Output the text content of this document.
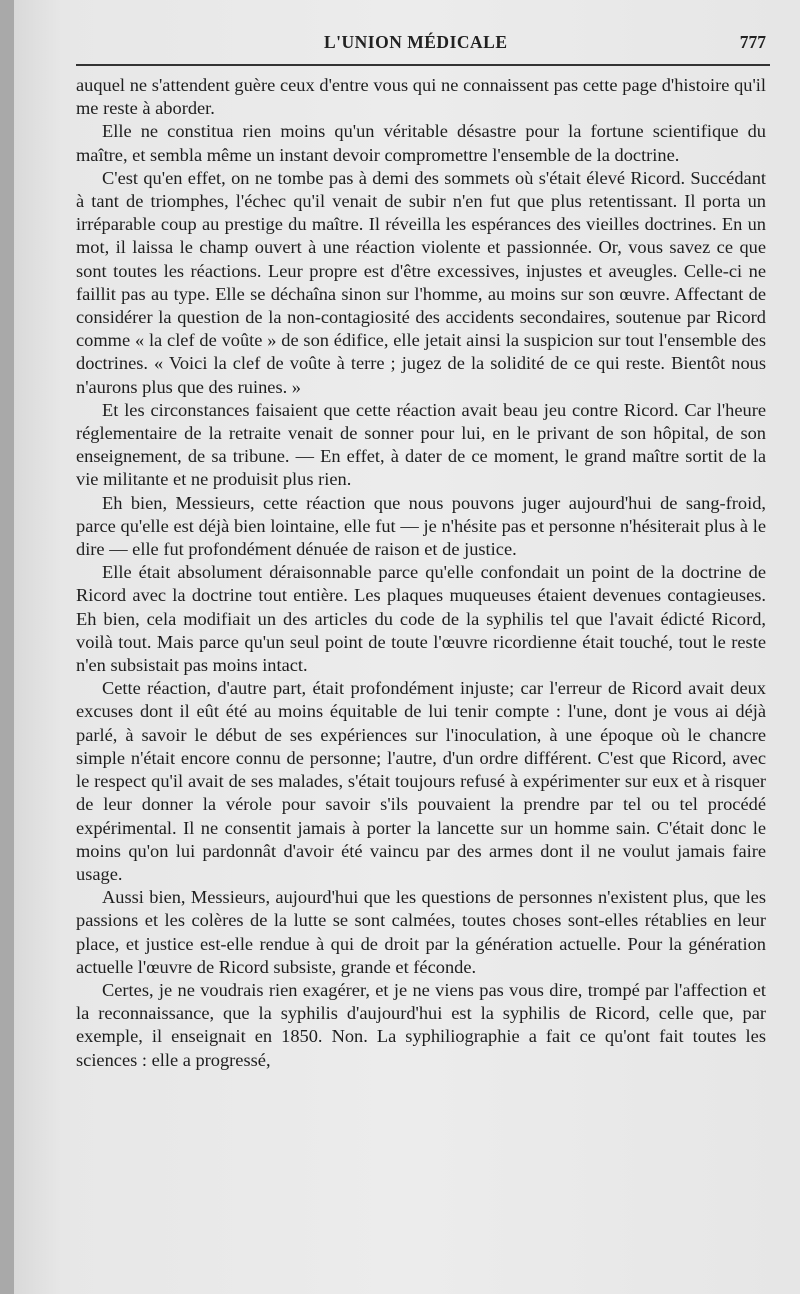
L'UNION MÉDICALE	777

auquel ne s'attendent guère ceux d'entre vous qui ne connaissent pas cette page d'histoire qu'il me reste à aborder.

Elle ne constitua rien moins qu'un véritable désastre pour la fortune scientifique du maître, et sembla même un instant devoir compromettre l'ensemble de la doctrine.

C'est qu'en effet, on ne tombe pas à demi des sommets où s'était élevé Ricord. Succédant à tant de triomphes, l'échec qu'il venait de subir n'en fut que plus retentissant. Il porta un irréparable coup au prestige du maître. Il réveilla les espérances des vieilles doctrines. En un mot, il laissa le champ ouvert à une réaction violente et passionnée. Or, vous savez ce que sont toutes les réactions. Leur propre est d'être excessives, injustes et aveugles. Celle-ci ne faillit pas au type. Elle se déchaîna sinon sur l'homme, au moins sur son œuvre. Affectant de considérer la question de la non-contagiosité des accidents secondaires, soutenue par Ricord comme « la clef de voûte » de son édifice, elle jetait ainsi la suspicion sur tout l'ensemble des doctrines. « Voici la clef de voûte à terre ; jugez de la solidité de ce qui reste. Bientôt nous n'aurons plus que des ruines. »

Et les circonstances faisaient que cette réaction avait beau jeu contre Ricord. Car l'heure réglementaire de la retraite venait de sonner pour lui, en le privant de son hôpital, de son enseignement, de sa tribune. — En effet, à dater de ce moment, le grand maître sortit de la vie militante et ne produisit plus rien.

Eh bien, Messieurs, cette réaction que nous pouvons juger aujourd'hui de sang-froid, parce qu'elle est déjà bien lointaine, elle fut — je n'hésite pas et personne n'hésiterait plus à le dire — elle fut profondément dénuée de raison et de justice.

Elle était absolument déraisonnable parce qu'elle confondait un point de la doctrine de Ricord avec la doctrine tout entière. Les plaques muqueuses étaient devenues contagieuses. Eh bien, cela modifiait un des articles du code de la syphilis tel que l'avait édicté Ricord, voilà tout. Mais parce qu'un seul point de toute l'œuvre ricordienne était touché, tout le reste n'en subsistait pas moins intact.

Cette réaction, d'autre part, était profondément injuste; car l'erreur de Ricord avait deux excuses dont il eût été au moins équitable de lui tenir compte : l'une, dont je vous ai déjà parlé, à savoir le début de ses expériences sur l'inoculation, à une époque où le chancre simple n'était encore connu de personne; l'autre, d'un ordre différent. C'est que Ricord, avec le respect qu'il avait de ses malades, s'était toujours refusé à expérimenter sur eux et à risquer de leur donner la vérole pour savoir s'ils pouvaient la prendre par tel ou tel procédé expérimental. Il ne consentit jamais à porter la lancette sur un homme sain. C'était donc le moins qu'on lui pardonnât d'avoir été vaincu par des armes dont il ne voulut jamais faire usage.

Aussi bien, Messieurs, aujourd'hui que les questions de personnes n'existent plus, que les passions et les colères de la lutte se sont calmées, toutes choses sont-elles rétablies en leur place, et justice est-elle rendue à qui de droit par la génération actuelle. Pour la génération actuelle l'œuvre de Ricord subsiste, grande et féconde.

Certes, je ne voudrais rien exagérer, et je ne viens pas vous dire, trompé par l'affection et la reconnaissance, que la syphilis d'aujourd'hui est la syphilis de Ricord, celle que, par exemple, il enseignait en 1850. Non. La syphiliographie a fait ce qu'ont fait toutes les sciences : elle a progressé,
